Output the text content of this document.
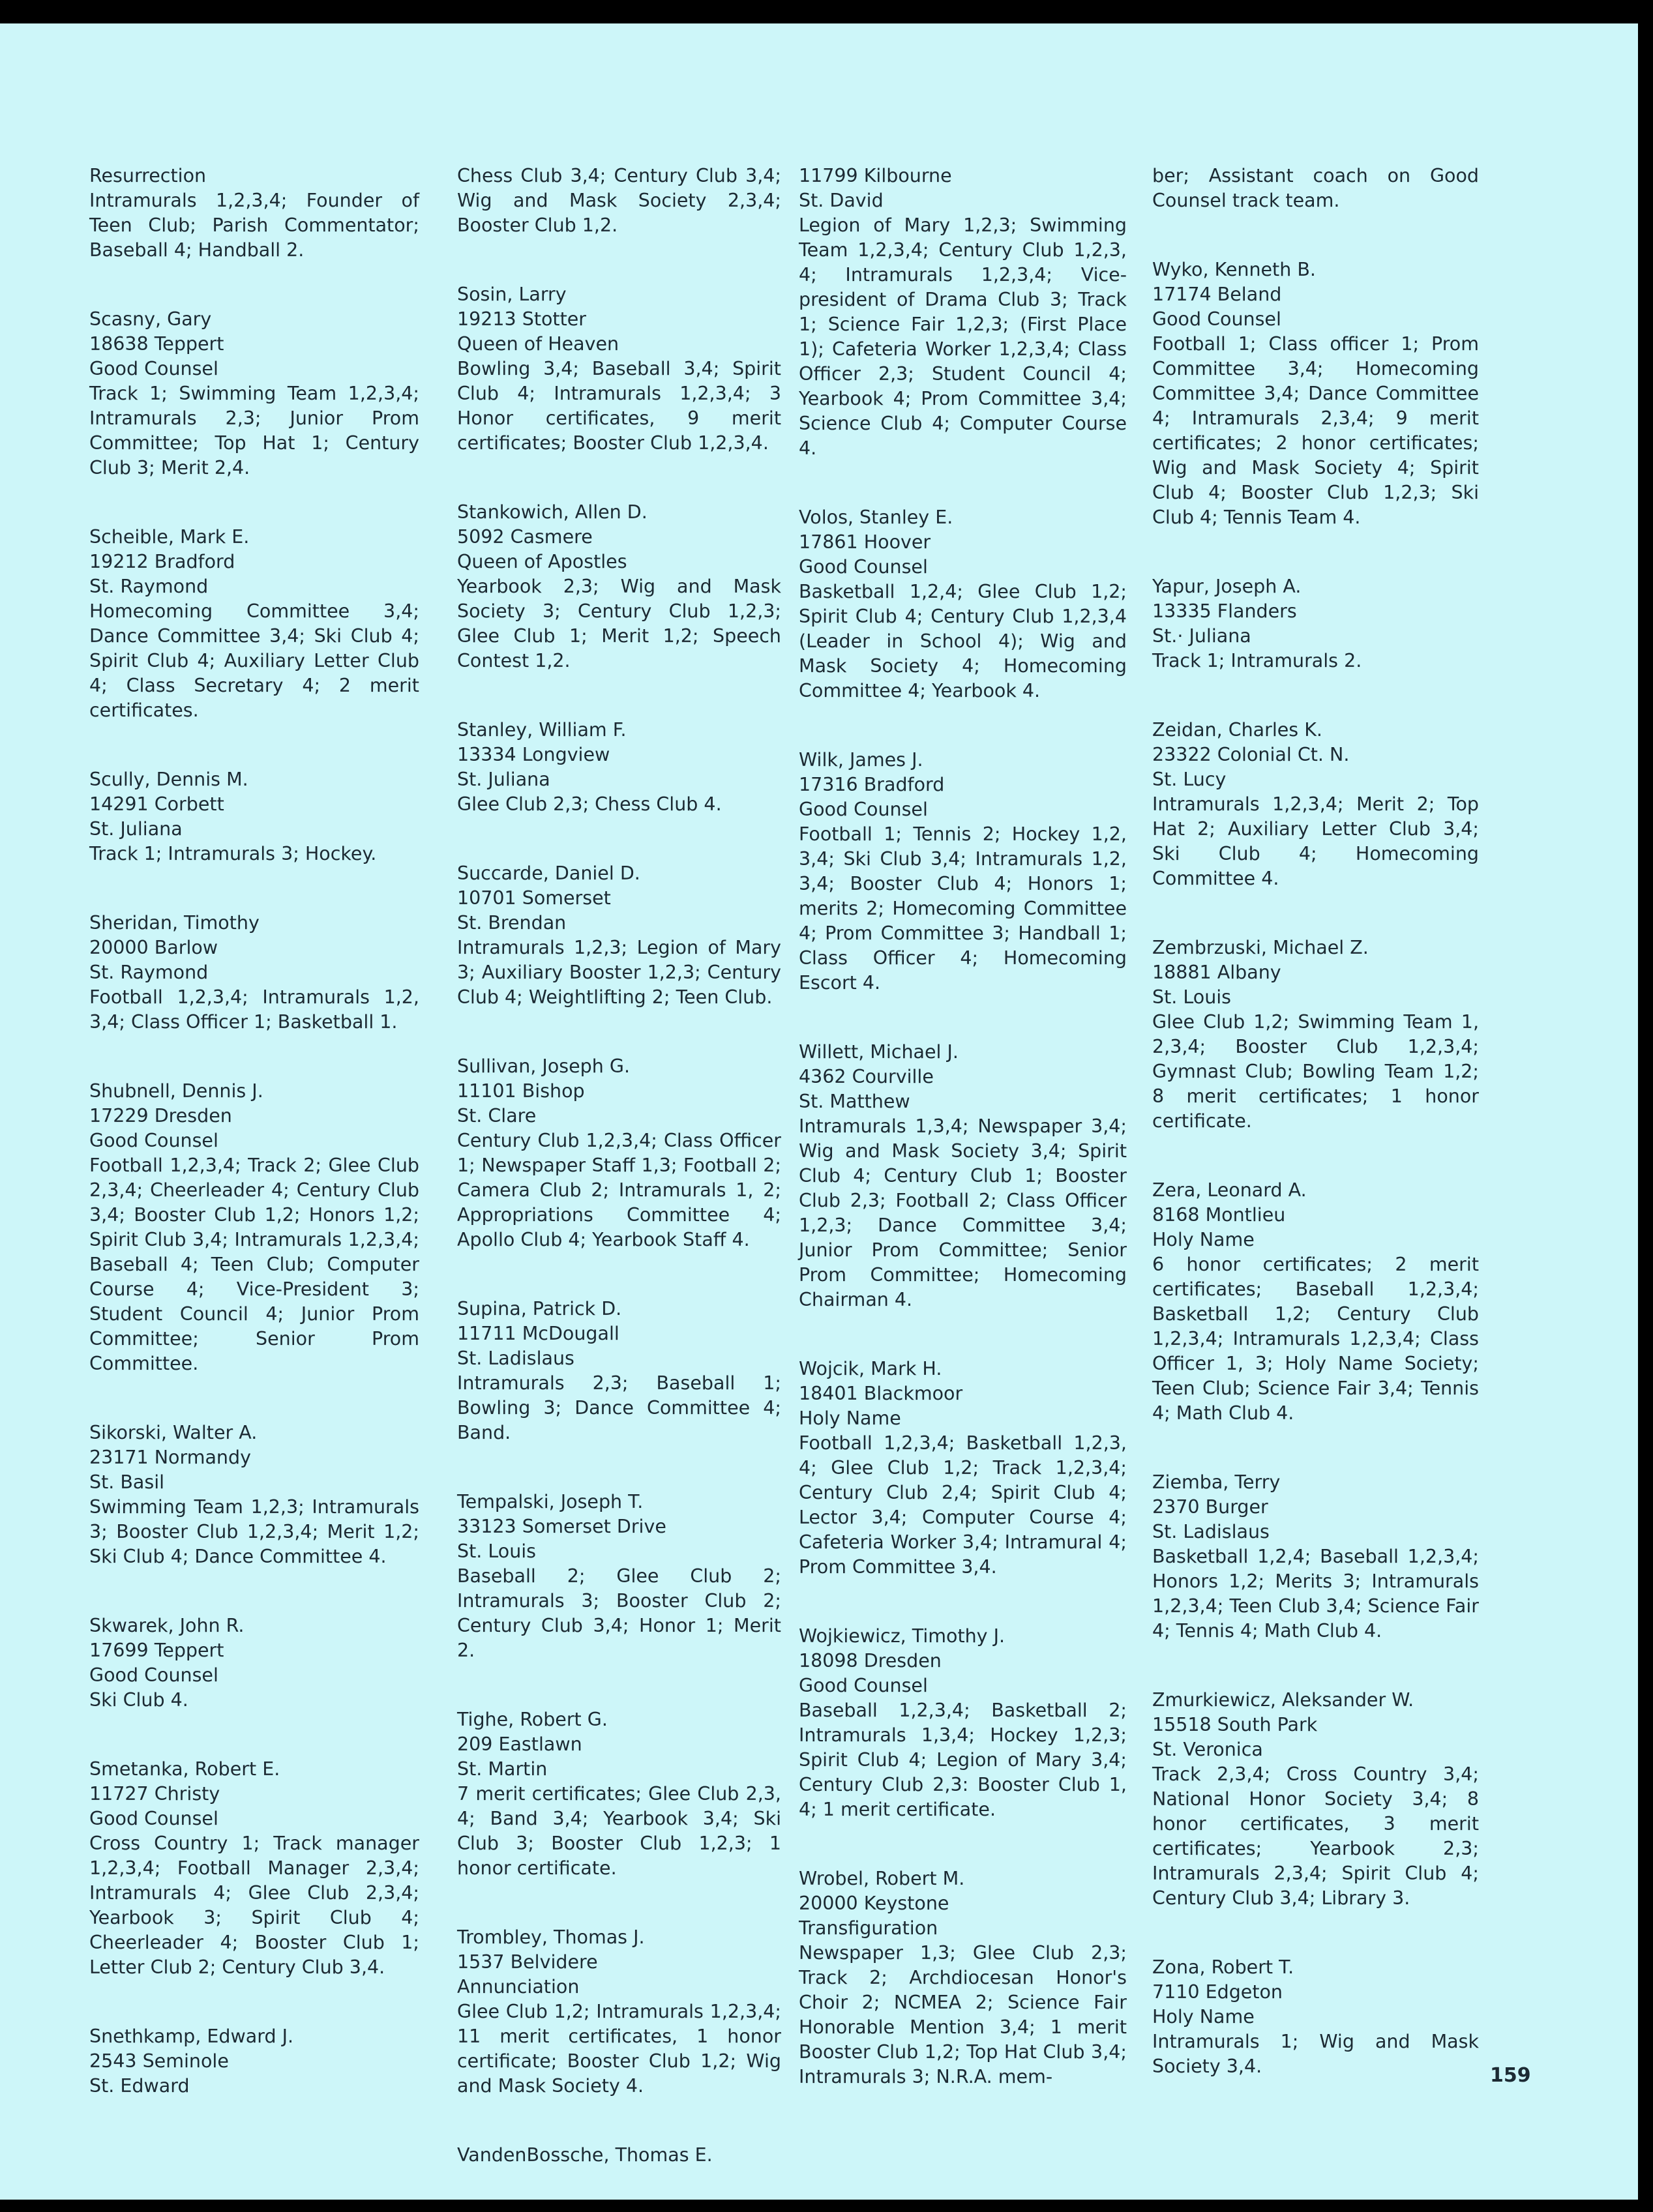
Resurrection
Intramurals 1,2,3,4; Founder of Teen Club; Parish Commentator; Baseball 4; Handball 2.
Scasny, Gary
18638 Teppert
Good Counsel
Track 1; Swimming Team 1,2,3,4; Intramurals 2,3; Junior Prom Committee; Top Hat 1; Century Club 3; Merit 2,4.
Scheible, Mark E.
19212 Bradford
St. Raymond
Homecoming Committee 3,4; Dance Committee 3,4; Ski Club 4; Spirit Club 4; Auxiliary Letter Club 4; Class Secretary 4; 2 merit certificates.
Scully, Dennis M.
14291 Corbett
St. Juliana
Track 1; Intramurals 3; Hockey.
Sheridan, Timothy
20000 Barlow
St. Raymond
Football 1,2,3,4; Intramurals 1,2, 3,4; Class Officer 1; Basketball 1.
Shubnell, Dennis J.
17229 Dresden
Good Counsel
Football 1,2,3,4; Track 2; Glee Club 2,3,4; Cheerleader 4; Century Club 3,4; Booster Club 1,2; Honors 1,2; Spirit Club 3,4; Intramurals 1,2,3,4; Baseball 4; Teen Club; Computer Course 4; Vice-President 3; Student Council 4; Junior Prom Committee; Senior Prom Committee.
Sikorski, Walter A.
23171 Normandy
St. Basil
Swimming Team 1,2,3; Intramurals 3; Booster Club 1,2,3,4; Merit 1,2; Ski Club 4; Dance Committee 4.
Skwarek, John R.
17699 Teppert
Good Counsel
Ski Club 4.
Smetanka, Robert E.
11727 Christy
Good Counsel
Cross Country 1; Track manager 1,2,3,4; Football Manager 2,3,4; Intramurals 4; Glee Club 2,3,4; Yearbook 3; Spirit Club 4; Cheerleader 4; Booster Club 1; Letter Club 2; Century Club 3,4.
Snethkamp, Edward J.
2543 Seminole
St. Edward
Chess Club 3,4; Century Club 3,4; Wig and Mask Society 2,3,4; Booster Club 1,2.
Sosin, Larry
19213 Stotter
Queen of Heaven
Bowling 3,4; Baseball 3,4; Spirit Club 4; Intramurals 1,2,3,4; 3 Honor certificates, 9 merit certificates; Booster Club 1,2,3,4.
Stankowich, Allen D.
5092 Casmere
Queen of Apostles
Yearbook 2,3; Wig and Mask Society 3; Century Club 1,2,3; Glee Club 1; Merit 1,2; Speech Contest 1,2.
Stanley, William F.
13334 Longview
St. Juliana
Glee Club 2,3; Chess Club 4.
Succarde, Daniel D.
10701 Somerset
St. Brendan
Intramurals 1,2,3; Legion of Mary 3; Auxiliary Booster 1,2,3; Century Club 4; Weightlifting 2; Teen Club.
Sullivan, Joseph G.
11101 Bishop
St. Clare
Century Club 1,2,3,4; Class Officer 1; Newspaper Staff 1,3; Football 2; Camera Club 2; Intramurals 1, 2; Appropriations Committee 4; Apollo Club 4; Yearbook Staff 4.
Supina, Patrick D.
11711 McDougall
St. Ladislaus
Intramurals 2,3; Baseball 1; Bowling 3; Dance Committee 4; Band.
Tempalski, Joseph T.
33123 Somerset Drive
St. Louis
Baseball 2; Glee Club 2; Intramurals 3; Booster Club 2; Century Club 3,4; Honor 1; Merit 2.
Tighe, Robert G.
209 Eastlawn
St. Martin
7 merit certificates; Glee Club 2,3, 4; Band 3,4; Yearbook 3,4; Ski Club 3; Booster Club 1,2,3; 1 honor certificate.
Trombley, Thomas J.
1537 Belvidere
Annunciation
Glee Club 1,2; Intramurals 1,2,3,4; 11 merit certificates, 1 honor certificate; Booster Club 1,2; Wig and Mask Society 4.
VandenBossche, Thomas E.
11799 Kilbourne
St. David
Legion of Mary 1,2,3; Swimming Team 1,2,3,4; Century Club 1,2,3, 4; Intramurals 1,2,3,4; Vice-president of Drama Club 3; Track 1; Science Fair 1,2,3; (First Place 1); Cafeteria Worker 1,2,3,4; Class Officer 2,3; Student Council 4; Yearbook 4; Prom Committee 3,4; Science Club 4; Computer Course 4.
Volos, Stanley E.
17861 Hoover
Good Counsel
Basketball 1,2,4; Glee Club 1,2; Spirit Club 4; Century Club 1,2,3,4 (Leader in School 4); Wig and Mask Society 4; Homecoming Committee 4; Yearbook 4.
Wilk, James J.
17316 Bradford
Good Counsel
Football 1; Tennis 2; Hockey 1,2, 3,4; Ski Club 3,4; Intramurals 1,2, 3,4; Booster Club 4; Honors 1; merits 2; Homecoming Committee 4; Prom Committee 3; Handball 1; Class Officer 4; Homecoming Escort 4.
Willett, Michael J.
4362 Courville
St. Matthew
Intramurals 1,3,4; Newspaper 3,4; Wig and Mask Society 3,4; Spirit Club 4; Century Club 1; Booster Club 2,3; Football 2; Class Officer 1,2,3; Dance Committee 3,4; Junior Prom Committee; Senior Prom Committee; Homecoming Chairman 4.
Wojcik, Mark H.
18401 Blackmoor
Holy Name
Football 1,2,3,4; Basketball 1,2,3, 4; Glee Club 1,2; Track 1,2,3,4; Century Club 2,4; Spirit Club 4; Lector 3,4; Computer Course 4; Cafeteria Worker 3,4; Intramural 4; Prom Committee 3,4.
Wojkiewicz, Timothy J.
18098 Dresden
Good Counsel
Baseball 1,2,3,4; Basketball 2; Intramurals 1,3,4; Hockey 1,2,3; Spirit Club 4; Legion of Mary 3,4; Century Club 2,3: Booster Club 1, 4; 1 merit certificate.
Wrobel, Robert M.
20000 Keystone
Transfiguration
Newspaper 1,3; Glee Club 2,3; Track 2; Archdiocesan Honor's Choir 2; NCMEA 2; Science Fair Honorable Mention 3,4; 1 merit Booster Club 1,2; Top Hat Club 3,4; Intramurals 3; N.R.A. mem-
ber; Assistant coach on Good Counsel track team.
Wyko, Kenneth B.
17174 Beland
Good Counsel
Football 1; Class officer 1; Prom Committee 3,4; Homecoming Committee 3,4; Dance Committee 4; Intramurals 2,3,4; 9 merit certificates; 2 honor certificates; Wig and Mask Society 4; Spirit Club 4; Booster Club 1,2,3; Ski Club 4; Tennis Team 4.
Yapur, Joseph A.
13335 Flanders
St.· Juliana
Track 1; Intramurals 2.
Zeidan, Charles K.
23322 Colonial Ct. N.
St. Lucy
Intramurals 1,2,3,4; Merit 2; Top Hat 2; Auxiliary Letter Club 3,4; Ski Club 4; Homecoming Committee 4.
Zembrzuski, Michael Z.
18881 Albany
St. Louis
Glee Club 1,2; Swimming Team 1, 2,3,4; Booster Club 1,2,3,4; Gymnast Club; Bowling Team 1,2; 8 merit certificates; 1 honor certificate.
Zera, Leonard A.
8168 Montlieu
Holy Name
6 honor certificates; 2 merit certificates; Baseball 1,2,3,4; Basketball 1,2; Century Club 1,2,3,4; Intramurals 1,2,3,4; Class Officer 1, 3; Holy Name Society; Teen Club; Science Fair 3,4; Tennis 4; Math Club 4.
Ziemba, Terry
2370 Burger
St. Ladislaus
Basketball 1,2,4; Baseball 1,2,3,4; Honors 1,2; Merits 3; Intramurals 1,2,3,4; Teen Club 3,4; Science Fair 4; Tennis 4; Math Club 4.
Zmurkiewicz, Aleksander W.
15518 South Park
St. Veronica
Track 2,3,4; Cross Country 3,4; National Honor Society 3,4; 8 honor certificates, 3 merit certificates; Yearbook 2,3; Intramurals 2,3,4; Spirit Club 4; Century Club 3,4; Library 3.
Zona, Robert T.
7110 Edgeton
Holy Name
Intramurals 1; Wig and Mask Society 3,4.	159
